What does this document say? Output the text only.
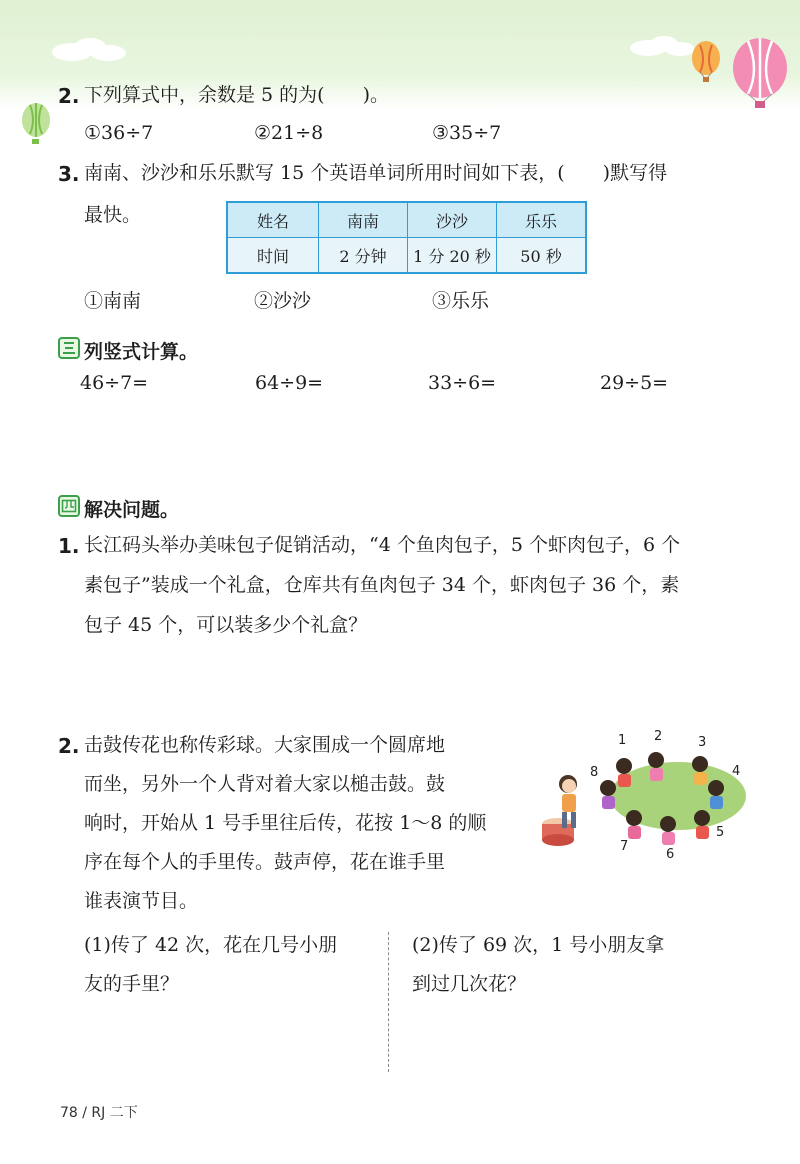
2. 下列算式中，余数是 5 的为(　　)。
①36÷7	②21÷8	③35÷7
3. 南南、沙沙和乐乐默写 15 个英语单词所用时间如下表，(　　)默写得
最快。	姓名	南南	沙沙	乐乐
时间	2 分钟	1 分 20 秒	50 秒
①南南	②沙沙	③乐乐
列竖式计算。
46÷7=	64÷9=	33÷6=	29÷5=
解决问题。
1. 长江码头举办美味包子促销活动，“4 个鱼肉包子，5 个虾肉包子，6 个
素包子”装成一个礼盒，仓库共有鱼肉包子 34 个，虾肉包子 36 个，素
包子 45 个，可以装多少个礼盒？
2. 击鼓传花也称传彩球。大家围成一个圆席地
而坐，另外一个人背对着大家以槌击鼓。鼓
响时，开始从 1 号手里往后传，花按 1～8 的顺
序在每个人的手里传。鼓声停，花在谁手里
谁表演节目。
1 2	3
4
5
6
7
8
(1)传了 42 次，花在几号小朋
友的手里？
(2)传了 69 次，1 号小朋友拿
到过几次花？
78 / RJ 二下
